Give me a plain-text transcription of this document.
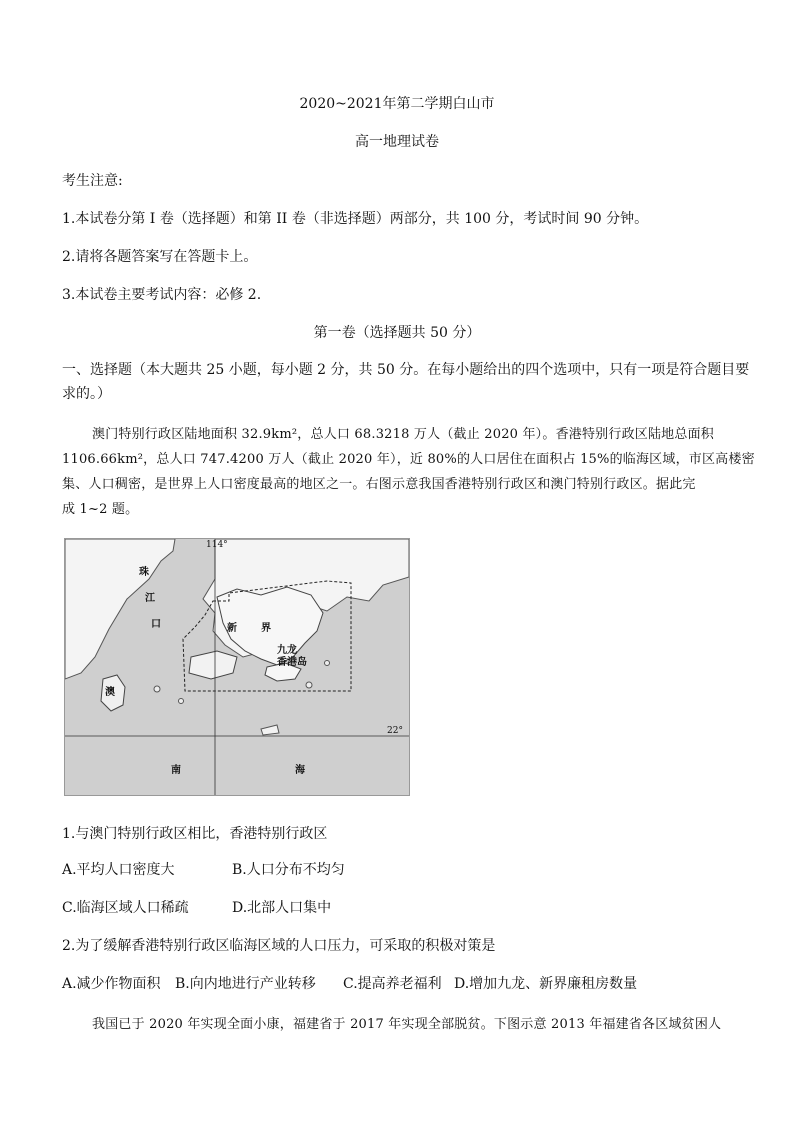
2020~2021年第二学期白山市
高一地理试卷
考生注意:
1.本试卷分第 I 卷（选择题）和第 II 卷（非选择题）两部分，共 100 分，考试时间 90 分钟。
2.请将各题答案写在答题卡上。
3.本试卷主要考试内容：必修 2.
第一卷（选择题共 50 分）
一、选择题（本大题共 25 小题，每小题 2 分，共 50 分。在每小题给出的四个选项中，只有一项是符合题目要
求的。）
澳门特别行政区陆地面积 32.9km²，总人口 68.3218 万人（截止 2020 年）。香港特别行政区陆地总面积
1106.66km²，总人口 747.4200 万人（截止 2020 年），近 80%的人口居住在面积占 15%的临海区域，市区高楼密
集、人口稠密，是世界上人口密度最高的地区之一。右图示意我国香港特别行政区和澳门特别行政区。据此完
成 1~2 题。
114°
22°
珠
江
口	新 界
九龙
香港岛
澳
南	海
1.与澳门特别行政区相比，香港特别行政区
A.平均人口密度大	B.人口分布不均匀
C.临海区域人口稀疏	D.北部人口集中
2.为了缓解香港特别行政区临海区域的人口压力，可采取的积极对策是
A.减少作物面积 B.向内地进行产业转移 C.提高养老福利 D.增加九龙、新界廉租房数量
我国已于 2020 年实现全面小康，福建省于 2017 年实现全部脱贫。下图示意 2013 年福建省各区域贫困人
